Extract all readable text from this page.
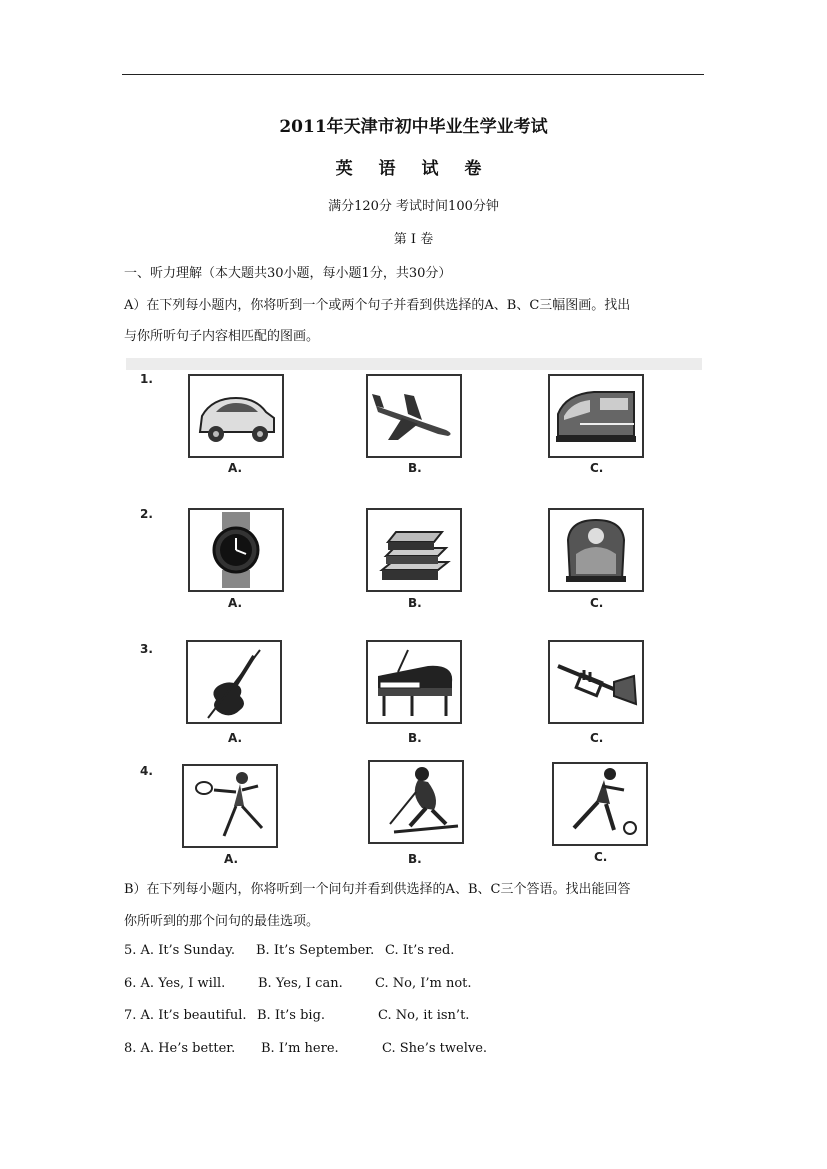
2011年天津市初中毕业生学业考试
英 语 试 卷
满分120分 考试时间100分钟
第 I 卷
一、听力理解（本大题共30小题，每小题1分，共30分）
A）在下列每小题内，你将听到一个或两个句子并看到供选择的A、B、C三幅图画。找出
与你所听句子内容相匹配的图画。
1.
A.	B.	C.
2.
A.	B.	C.
3.
A.	B.	C.
4.
A.	B.	C.
B）在下列每小题内，你将听到一个问句并看到供选择的A、B、C三个答语。找出能回答
你所听到的那个问句的最佳选项。
5. A. It’s Sunday. B. It’s September. C. It’s red.
6. A. Yes, I will.	B. Yes, I can. C. No, I’m not.
7. A. It’s beautiful. B. It’s big.	C. No, it isn’t.
8. A. He’s better. B. I’m here.	C. She’s twelve.
